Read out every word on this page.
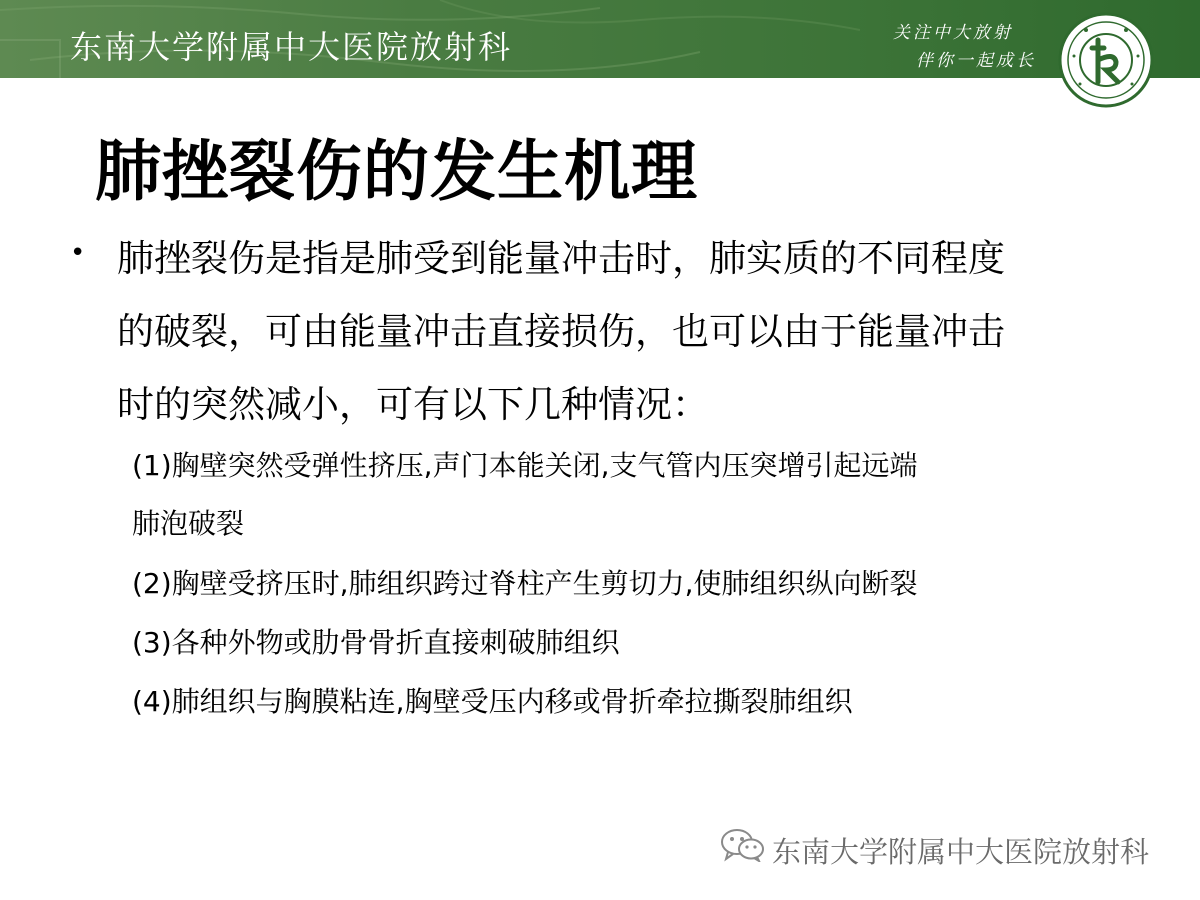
东南大学附属中大医院放射科	关注中大放射
伴你一起成长
肺挫裂伤的发生机理
• 肺挫裂伤是指是肺受到能量冲击时，肺实质的不同程度
的破裂，可由能量冲击直接损伤，也可以由于能量冲击
时的突然减小，可有以下几种情况：
(1)胸壁突然受弹性挤压,声门本能关闭,支气管内压突增引起远端
肺泡破裂
(2)胸壁受挤压时,肺组织跨过脊柱产生剪切力,使肺组织纵向断裂
(3)各种外物或肋骨骨折直接刺破肺组织
(4)肺组织与胸膜粘连,胸壁受压内移或骨折牵拉撕裂肺组织
东南大学附属中大医院放射科
